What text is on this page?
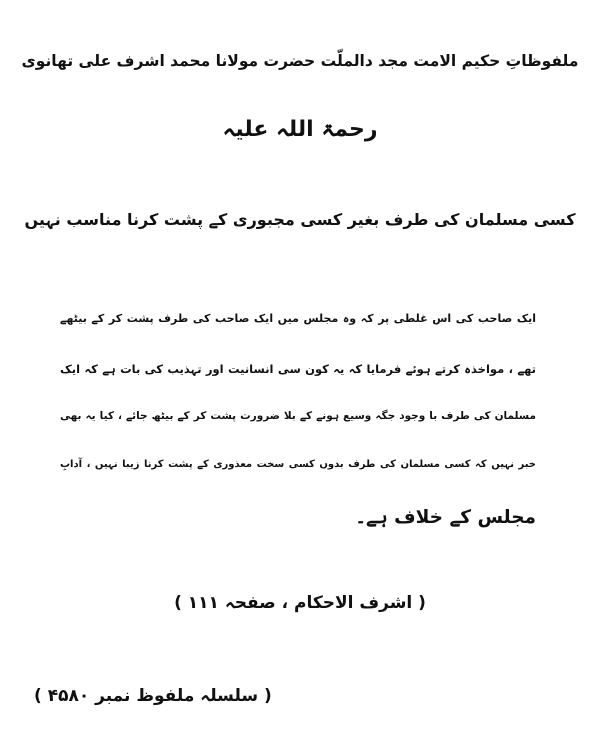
ملفوظاتِ حکیم الامت مجد دالملّت حضرت مولانا محمد اشرف علی تھانوی
رحمۃ اللہ علیہ
کسی مسلمان کی طرف بغیر کسی مجبوری کے پشت کرنا مناسب نہیں
ایک صاحب کی اس غلطی پر کہ وہ مجلس میں ایک صاحب کی طرف پشت کر کے بیٹھے
تھے ، مواخذہ کرتے ہوئے فرمایا کہ یہ کون سی انسانیت اور تہذیب کی بات ہے کہ ایک
مسلمان کی طرف با وجود جگہ وسیع ہونے کے بلا ضرورت پشت کر کے بیٹھ جائے ، کیا یہ بھی
خبر نہیں کہ کسی مسلمان کی طرف بدوں کسی سخت معذوری کے پشت کرنا زیبا نہیں ، آدابِ
مجلس کے خلاف ہے۔
( اشرف الاحکام ، صفحہ ۱۱۱ )
( سلسلہ ملفوظ نمبر ۴۵۸۰ )
